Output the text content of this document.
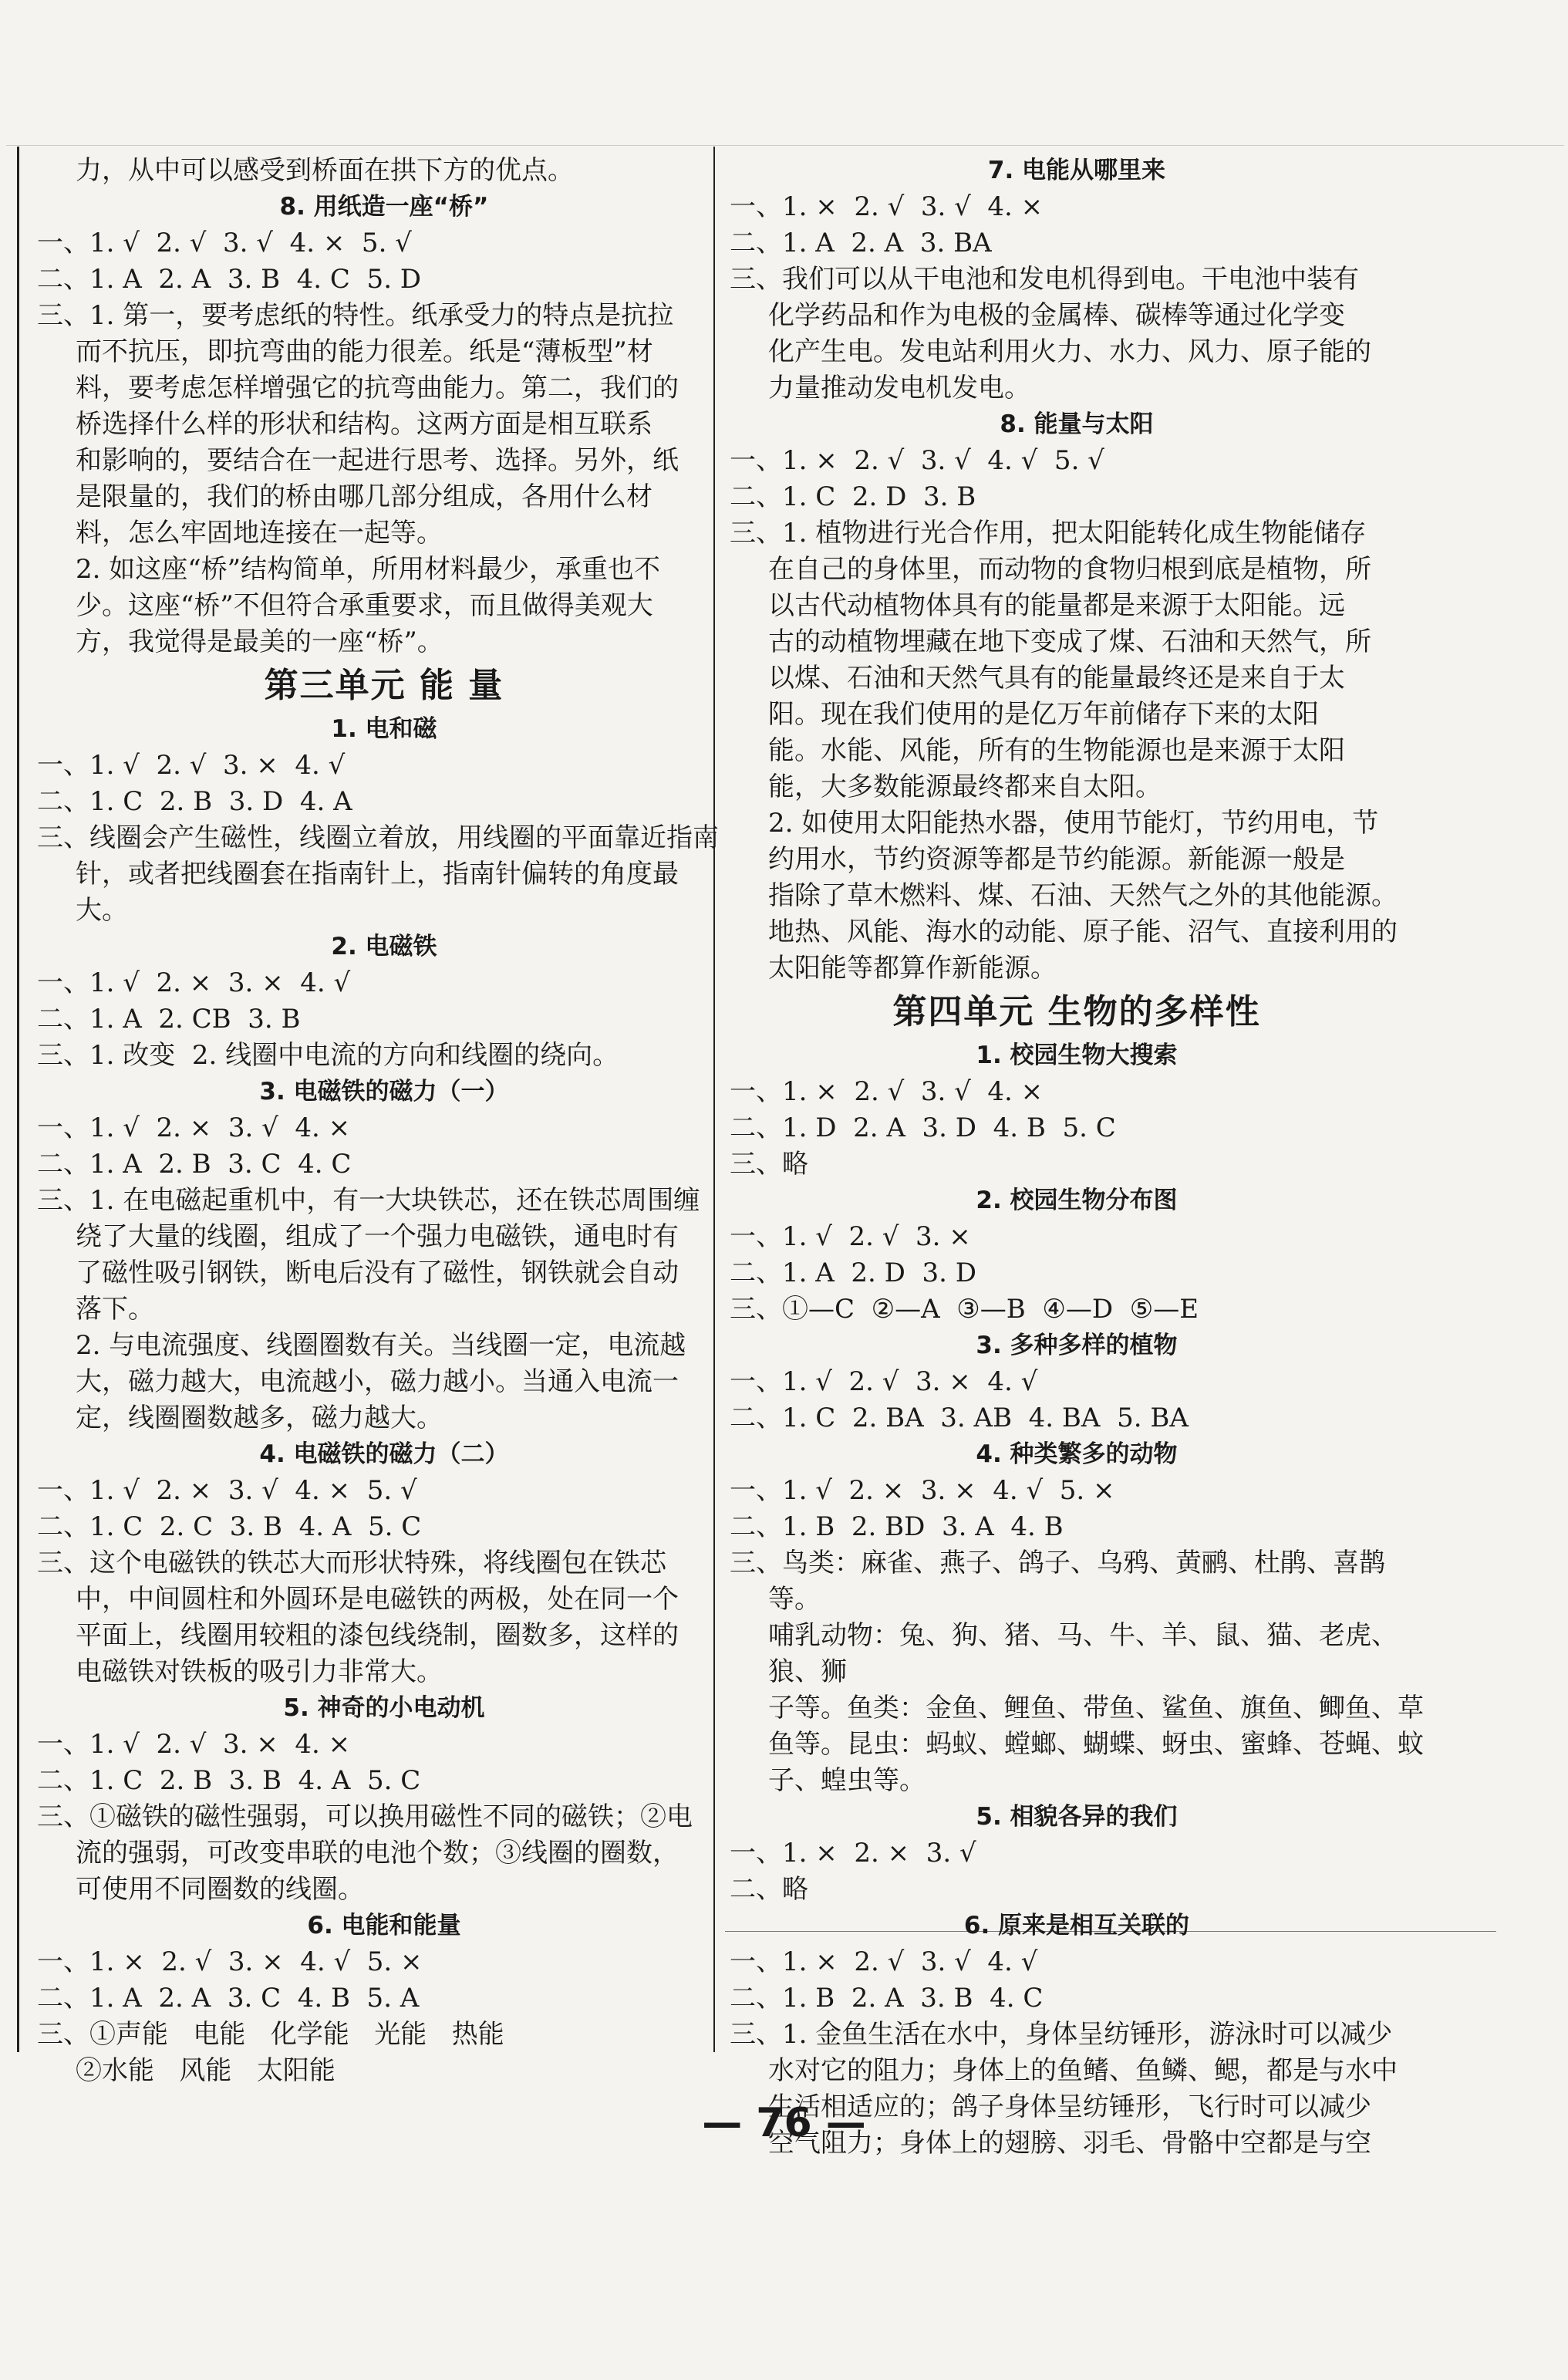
力，从中可以感受到桥面在拱下方的优点。
8. 用纸造一座“桥”
一、1. √  2. √  3. √  4. ×  5. √
二、1. A  2. A  3. B  4. C  5. D
三、1. 第一，要考虑纸的特性。纸承受力的特点是抗拉
而不抗压，即抗弯曲的能力很差。纸是“薄板型”材
料，要考虑怎样增强它的抗弯曲能力。第二，我们的
桥选择什么样的形状和结构。这两方面是相互联系
和影响的，要结合在一起进行思考、选择。另外，纸
是限量的，我们的桥由哪几部分组成，各用什么材
料，怎么牢固地连接在一起等。
2. 如这座“桥”结构简单，所用材料最少，承重也不
少。这座“桥”不但符合承重要求，而且做得美观大
方，我觉得是最美的一座“桥”。
第三单元 能 量
1. 电和磁
一、1. √  2. √  3. ×  4. √
二、1. C  2. B  3. D  4. A
三、线圈会产生磁性，线圈立着放，用线圈的平面靠近指南
针，或者把线圈套在指南针上，指南针偏转的角度最
大。
2. 电磁铁
一、1. √  2. ×  3. ×  4. √
二、1. A  2. CB  3. B
三、1. 改变  2. 线圈中电流的方向和线圈的绕向。
3. 电磁铁的磁力（一）
一、1. √  2. ×  3. √  4. ×
二、1. A  2. B  3. C  4. C
三、1. 在电磁起重机中，有一大块铁芯，还在铁芯周围缠
绕了大量的线圈，组成了一个强力电磁铁，通电时有
了磁性吸引钢铁，断电后没有了磁性，钢铁就会自动
落下。
2. 与电流强度、线圈圈数有关。当线圈一定，电流越
大，磁力越大，电流越小，磁力越小。当通入电流一
定，线圈圈数越多，磁力越大。
4. 电磁铁的磁力（二）
一、1. √  2. ×  3. √  4. ×  5. √
二、1. C  2. C  3. B  4. A  5. C
三、这个电磁铁的铁芯大而形状特殊，将线圈包在铁芯
中，中间圆柱和外圆环是电磁铁的两极，处在同一个
平面上，线圈用较粗的漆包线绕制，圈数多，这样的
电磁铁对铁板的吸引力非常大。
5. 神奇的小电动机
一、1. √  2. √  3. ×  4. ×
二、1. C  2. B  3. B  4. A  5. C
三、①磁铁的磁性强弱，可以换用磁性不同的磁铁；②电
流的强弱，可改变串联的电池个数；③线圈的圈数，
可使用不同圈数的线圈。
6. 电能和能量
一、1. ×  2. √  3. ×  4. √  5. ×
二、1. A  2. A  3. C  4. B  5. A
三、①声能   电能   化学能   光能   热能
②水能   风能   太阳能
7. 电能从哪里来
一、1. ×  2. √  3. √  4. ×
二、1. A  2. A  3. BA
三、我们可以从干电池和发电机得到电。干电池中装有
化学药品和作为电极的金属棒、碳棒等通过化学变
化产生电。发电站利用火力、水力、风力、原子能的
力量推动发电机发电。
8. 能量与太阳
一、1. ×  2. √  3. √  4. √  5. √
二、1. C  2. D  3. B
三、1. 植物进行光合作用，把太阳能转化成生物能储存
在自己的身体里，而动物的食物归根到底是植物，所
以古代动植物体具有的能量都是来源于太阳能。远
古的动植物埋藏在地下变成了煤、石油和天然气，所
以煤、石油和天然气具有的能量最终还是来自于太
阳。现在我们使用的是亿万年前储存下来的太阳
能。水能、风能，所有的生物能源也是来源于太阳
能，大多数能源最终都来自太阳。
2. 如使用太阳能热水器，使用节能灯，节约用电，节
约用水，节约资源等都是节约能源。新能源一般是
指除了草木燃料、煤、石油、天然气之外的其他能源。
地热、风能、海水的动能、原子能、沼气、直接利用的
太阳能等都算作新能源。
第四单元 生物的多样性
1. 校园生物大搜索
一、1. ×  2. √  3. √  4. ×
二、1. D  2. A  3. D  4. B  5. C
三、略
2. 校园生物分布图
一、1. √  2. √  3. ×
二、1. A  2. D  3. D
三、①—C  ②—A  ③—B  ④—D  ⑤—E
3. 多种多样的植物
一、1. √  2. √  3. ×  4. √
二、1. C  2. BA  3. AB  4. BA  5. BA
4. 种类繁多的动物
一、1. √  2. ×  3. ×  4. √  5. ×
二、1. B  2. BD  3. A  4. B
三、鸟类：麻雀、燕子、鸽子、乌鸦、黄鹂、杜鹃、喜鹊等。
哺乳动物：兔、狗、猪、马、牛、羊、鼠、猫、老虎、狼、狮
子等。鱼类：金鱼、鲤鱼、带鱼、鲨鱼、旗鱼、鲫鱼、草
鱼等。昆虫：蚂蚁、螳螂、蝴蝶、蚜虫、蜜蜂、苍蝇、蚊
子、蝗虫等。
5. 相貌各异的我们
一、1. ×  2. ×  3. √
二、略
6. 原来是相互关联的
一、1. ×  2. √  3. √  4. √
二、1. B  2. A  3. B  4. C
三、1. 金鱼生活在水中，身体呈纺锤形，游泳时可以减少
水对它的阻力；身体上的鱼鳍、鱼鳞、鳃，都是与水中
生活相适应的；鸽子身体呈纺锤形，飞行时可以减少
空气阻力；身体上的翅膀、羽毛、骨骼中空都是与空
— 76 —
